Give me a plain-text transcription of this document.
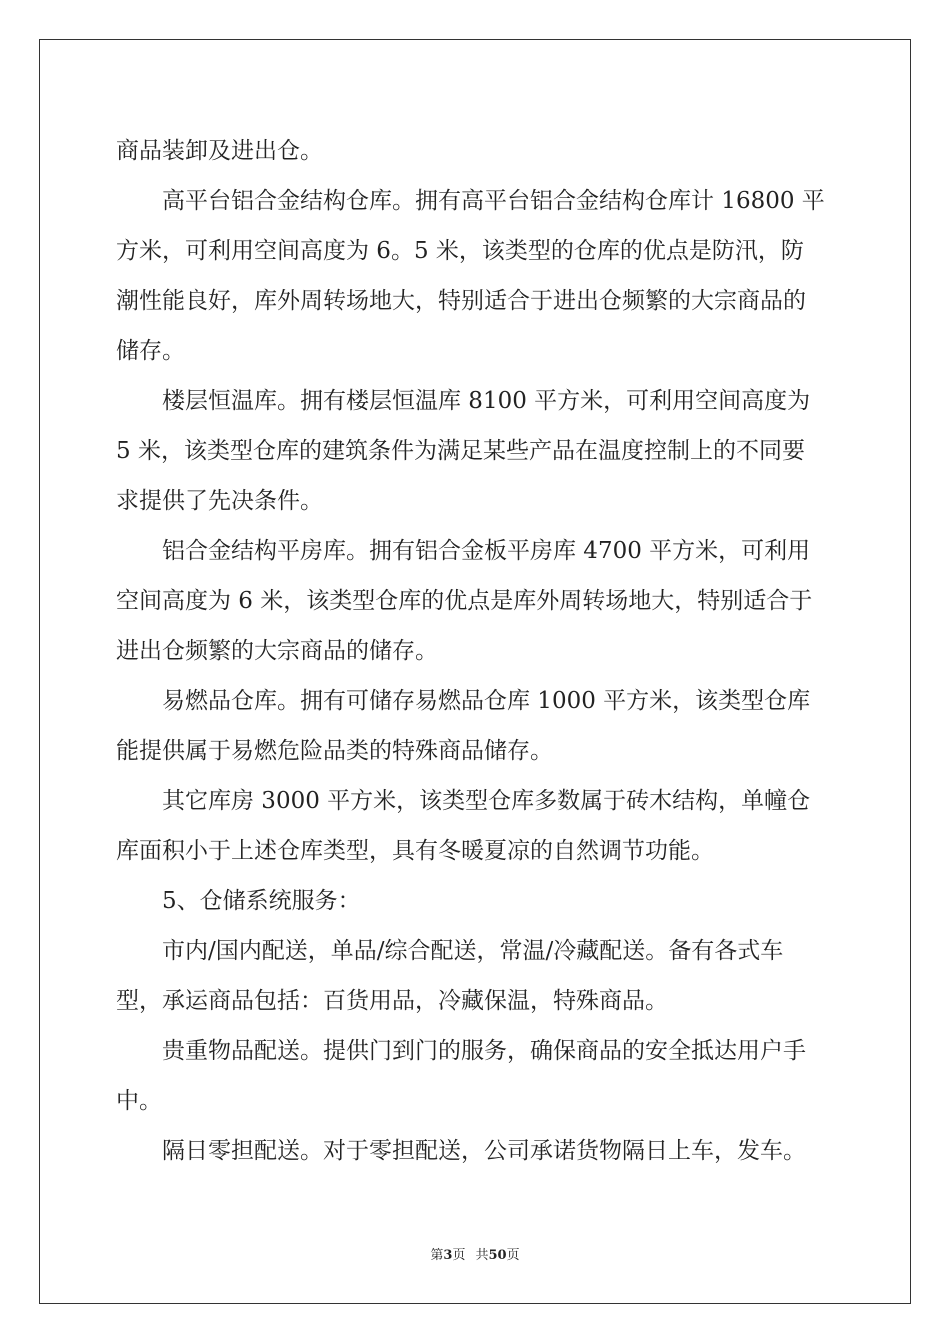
商品装卸及进出仓。
　　高平台铝合金结构仓库。拥有高平台铝合金结构仓库计 16800 平
方米，可利用空间高度为 6。5 米，该类型的仓库的优点是防汛，防
潮性能良好，库外周转场地大，特别适合于进出仓频繁的大宗商品的
储存。
　　楼层恒温库。拥有楼层恒温库 8100 平方米，可利用空间高度为
5 米，该类型仓库的建筑条件为满足某些产品在温度控制上的不同要
求提供了先决条件。
　　铝合金结构平房库。拥有铝合金板平房库 4700 平方米，可利用
空间高度为 6 米，该类型仓库的优点是库外周转场地大，特别适合于
进出仓频繁的大宗商品的储存。
　　易燃品仓库。拥有可储存易燃品仓库 1000 平方米，该类型仓库
能提供属于易燃危险品类的特殊商品储存。
　　其它库房 3000 平方米，该类型仓库多数属于砖木结构，单幢仓
库面积小于上述仓库类型，具有冬暖夏凉的自然调节功能。
　　5、仓储系统服务：
　　市内/国内配送，单品/综合配送，常温/冷藏配送。备有各式车
型，承运商品包括：百货用品，冷藏保温，特殊商品。
　　贵重物品配送。提供门到门的服务，确保商品的安全抵达用户手
中。
　　隔日零担配送。对于零担配送，公司承诺货物隔日上车，发车。
第3页 共50页
